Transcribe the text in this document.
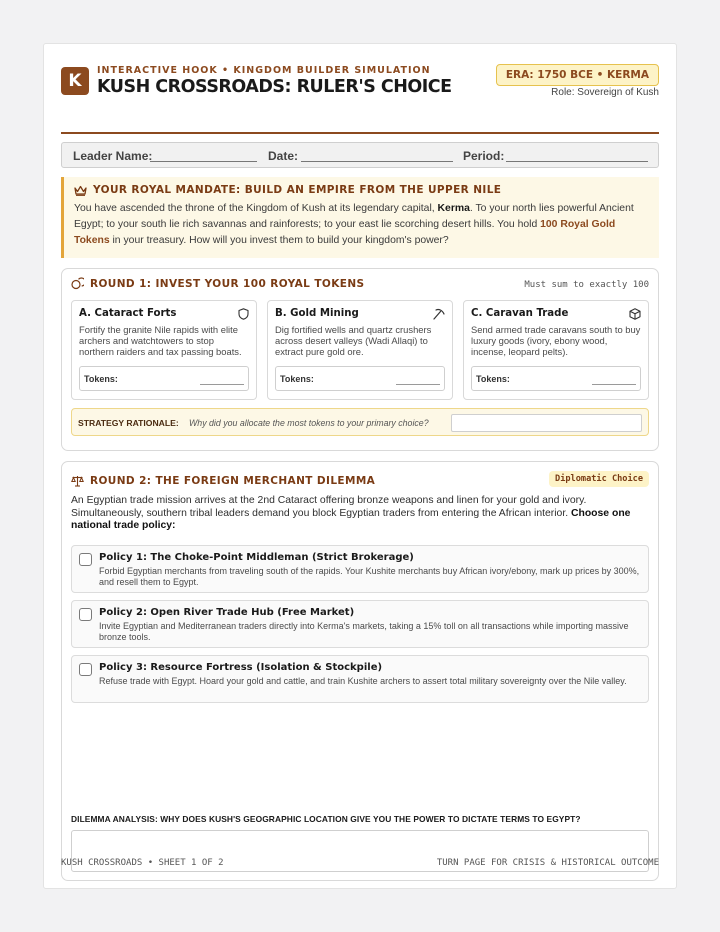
K
INTERACTIVE HOOK • KINGDOM BUILDER SIMULATION
KUSH CROSSROADS: RULER'S CHOICE
ERA: 1750 BCE • KERMA
Role: Sovereign of Kush
Leader Name:	Date:	Period:
YOUR ROYAL MANDATE: BUILD AN EMPIRE FROM THE UPPER NILE

You have ascended the throne of the Kingdom of Kush at its legendary capital, Kerma. To your north lies powerful Ancient Egypt; to your south lie rich savannas and rainforests; to your east lie scorching desert hills. You hold 100 Royal Gold Tokens in your treasury. How will you invest them to build your kingdom's power?

ROUND 1: INVEST YOUR 100 ROYAL TOKENS	Must sum to exactly 100
A. Cataract Forts

Fortify the granite Nile rapids with elite archers and watchtowers to stop northern raiders and tax passing boats.

Tokens:
B. Gold Mining

Dig fortified wells and quartz crushers across desert valleys (Wadi Allaqi) to extract pure gold ore.

Tokens:
C. Caravan Trade

Send armed trade caravans south to buy luxury goods (ivory, ebony wood, incense, leopard pelts).

Tokens:
STRATEGY RATIONALE: Why did you allocate the most tokens to your primary choice?
ROUND 2: THE FOREIGN MERCHANT DILEMMA	Diplomatic Choice

An Egyptian trade mission arrives at the 2nd Cataract offering bronze weapons and linen for your gold and ivory. Simultaneously, southern tribal leaders demand you block Egyptian traders from entering the African interior. Choose one national trade policy:

Policy 1: The Choke-Point Middleman (Strict Brokerage)

Forbid Egyptian merchants from traveling south of the rapids. Your Kushite merchants buy African ivory/ebony, mark up prices by 300%, and resell them to Egypt.

Policy 2: Open River Trade Hub (Free Market)

Invite Egyptian and Mediterranean traders directly into Kerma's markets, taking a 15% toll on all transactions while importing massive bronze tools.

Policy 3: Resource Fortress (Isolation & Stockpile)

Refuse trade with Egypt. Hoard your gold and cattle, and train Kushite archers to assert total military sovereignty over the Nile valley.

DILEMMA ANALYSIS: WHY DOES KUSH'S GEOGRAPHIC LOCATION GIVE YOU THE POWER TO DICTATE TERMS TO EGYPT?
KUSH CROSSROADS • SHEET 1 OF 2	TURN PAGE FOR CRISIS & HISTORICAL OUTCOME
